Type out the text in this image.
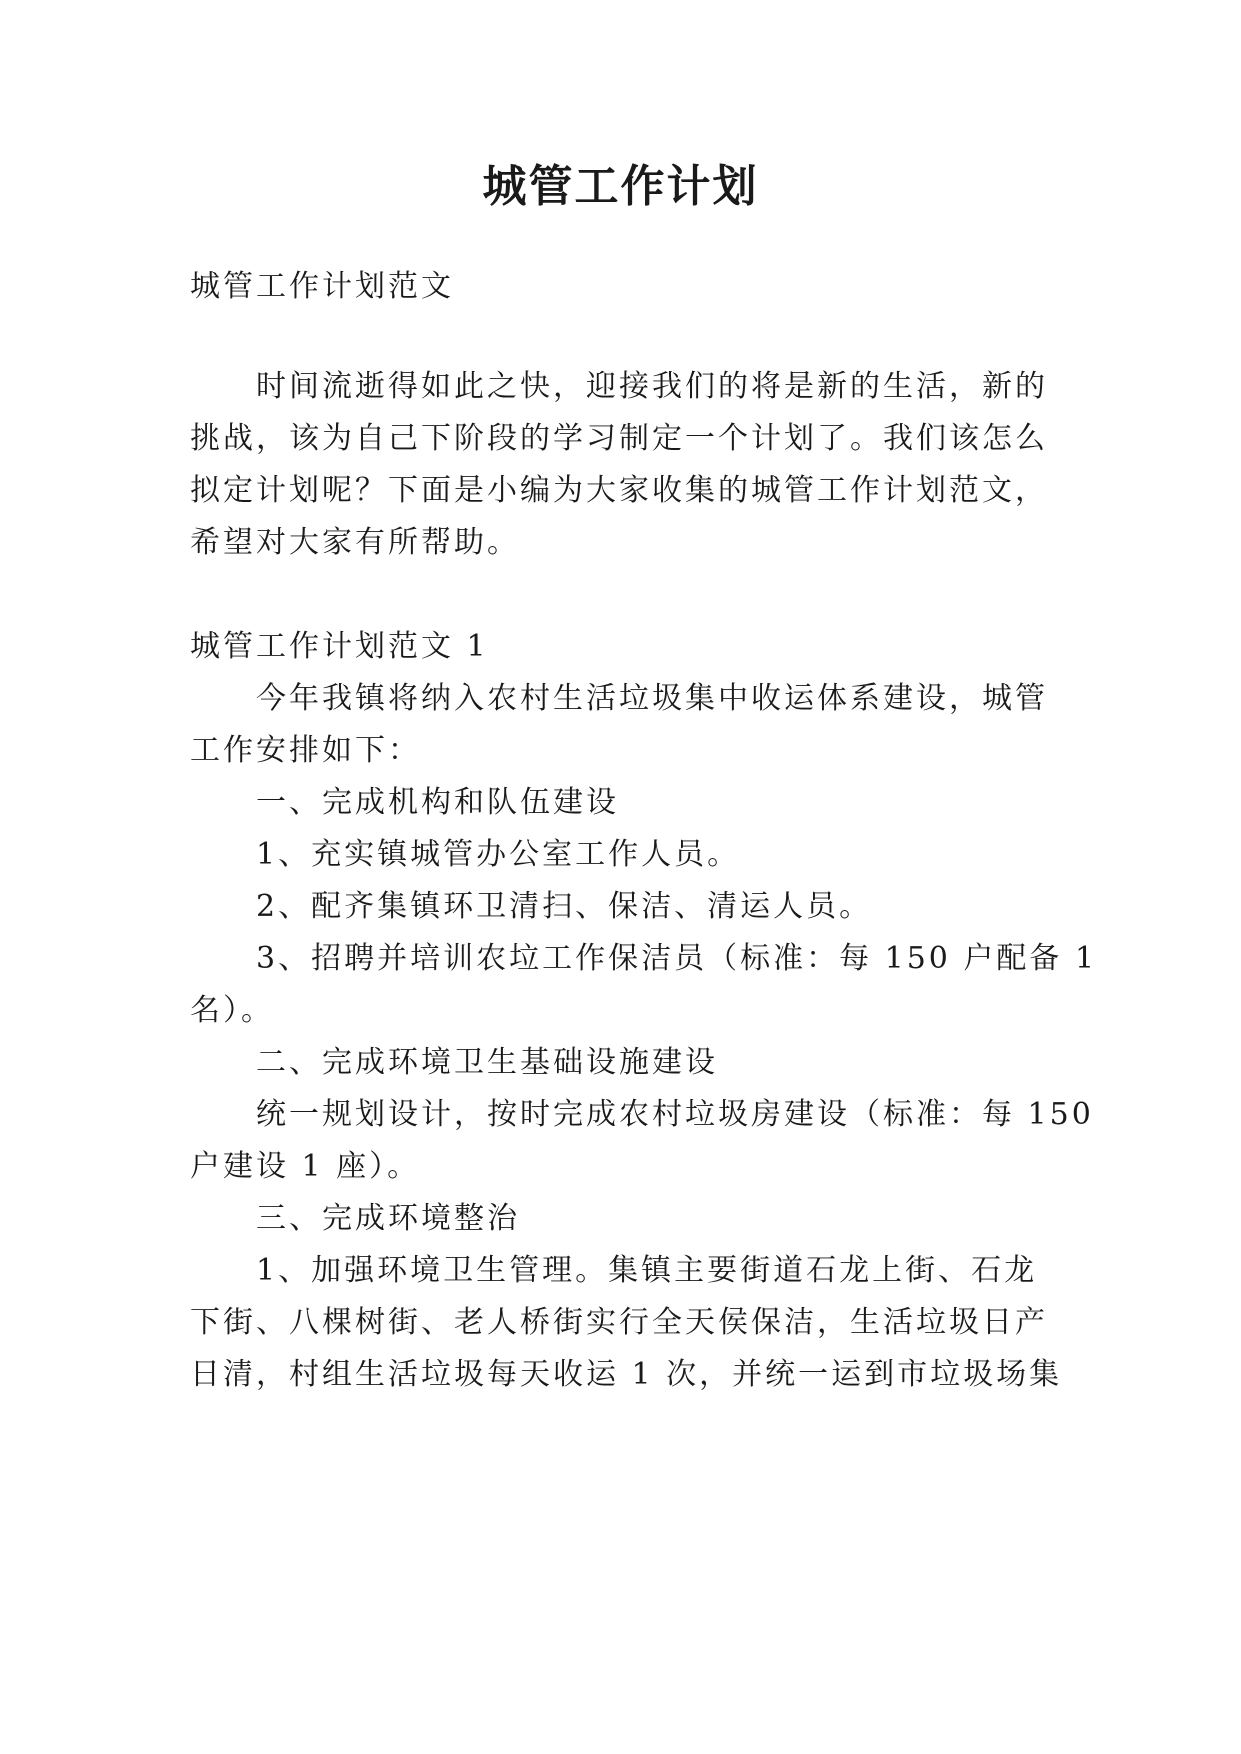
城管工作计划
城管工作计划范文
　　时间流逝得如此之快，迎接我们的将是新的生活，新的
挑战，该为自己下阶段的学习制定一个计划了。我们该怎么
拟定计划呢？下面是小编为大家收集的城管工作计划范文，
希望对大家有所帮助。
城管工作计划范文 1
　　今年我镇将纳入农村生活垃圾集中收运体系建设，城管
工作安排如下：
　　一、完成机构和队伍建设
　　1、充实镇城管办公室工作人员。
　　2、配齐集镇环卫清扫、保洁、清运人员。
　　3、招聘并培训农垃工作保洁员（标准：每 150 户配备 1
名）。
　　二、完成环境卫生基础设施建设
　　统一规划设计，按时完成农村垃圾房建设（标准：每 150
户建设 1 座）。
　　三、完成环境整治
　　1、加强环境卫生管理。集镇主要街道石龙上街、石龙
下街、八棵树街、老人桥街实行全天侯保洁，生活垃圾日产
日清，村组生活垃圾每天收运 1 次，并统一运到市垃圾场集
